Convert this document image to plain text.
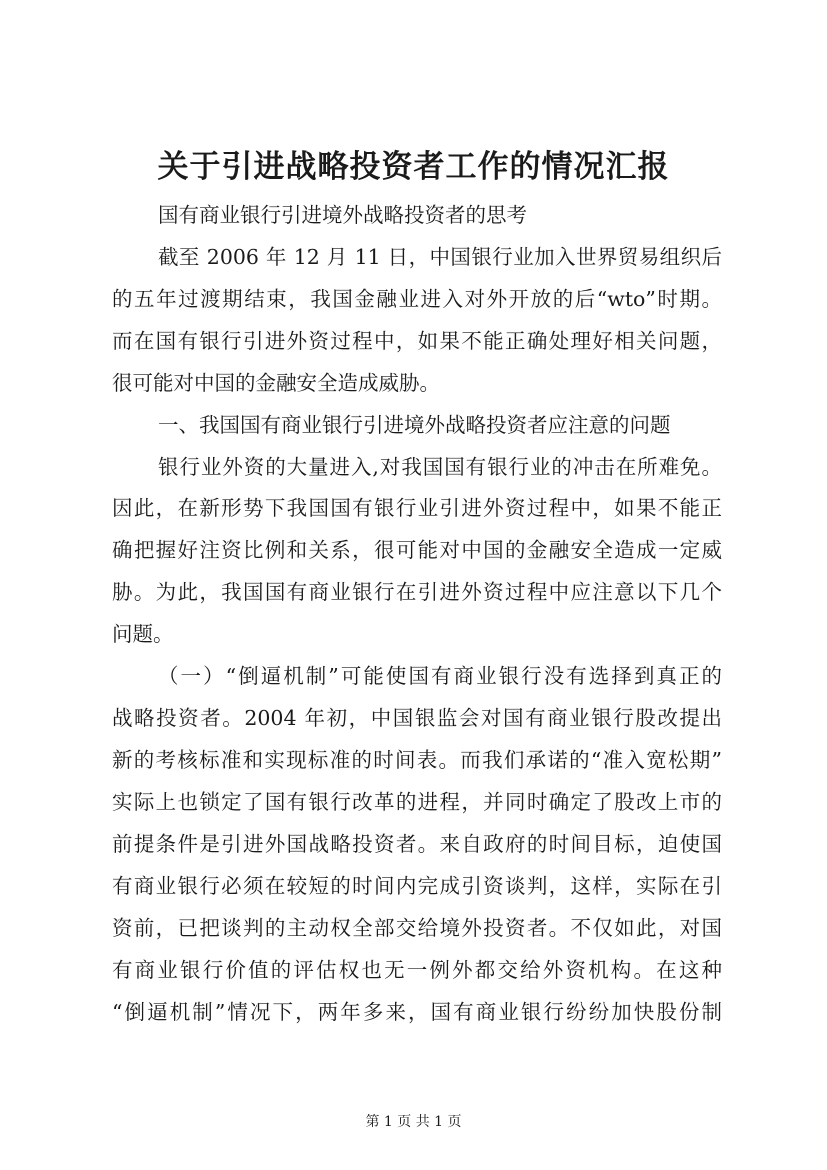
关于引进战略投资者工作的情况汇报
国有商业银行引进境外战略投资者的思考
截至 2006 年 12 月 11 日，中国银行业加入世界贸易组织后
的五年过渡期结束，我国金融业进入对外开放的后“wto”时期。
而在国有银行引进外资过程中，如果不能正确处理好相关问题，
很可能对中国的金融安全造成威胁。
一、我国国有商业银行引进境外战略投资者应注意的问题
银行业外资的大量进入,对我国国有银行业的冲击在所难免。
因此，在新形势下我国国有银行业引进外资过程中，如果不能正
确把握好注资比例和关系，很可能对中国的金融安全造成一定威
胁。为此，我国国有商业银行在引进外资过程中应注意以下几个
问题。
（一）“倒逼机制”可能使国有商业银行没有选择到真正的
战略投资者。2004 年初，中国银监会对国有商业银行股改提出
新的考核标准和实现标准的时间表。而我们承诺的“准入宽松期”
实际上也锁定了国有银行改革的进程，并同时确定了股改上市的
前提条件是引进外国战略投资者。来自政府的时间目标，迫使国
有商业银行必须在较短的时间内完成引资谈判，这样，实际在引
资前，已把谈判的主动权全部交给境外投资者。不仅如此，对国
有商业银行价值的评估权也无一例外都交给外资机构。在这种
“倒逼机制”情况下，两年多来，国有商业银行纷纷加快股份制
第 1 页 共 1 页
